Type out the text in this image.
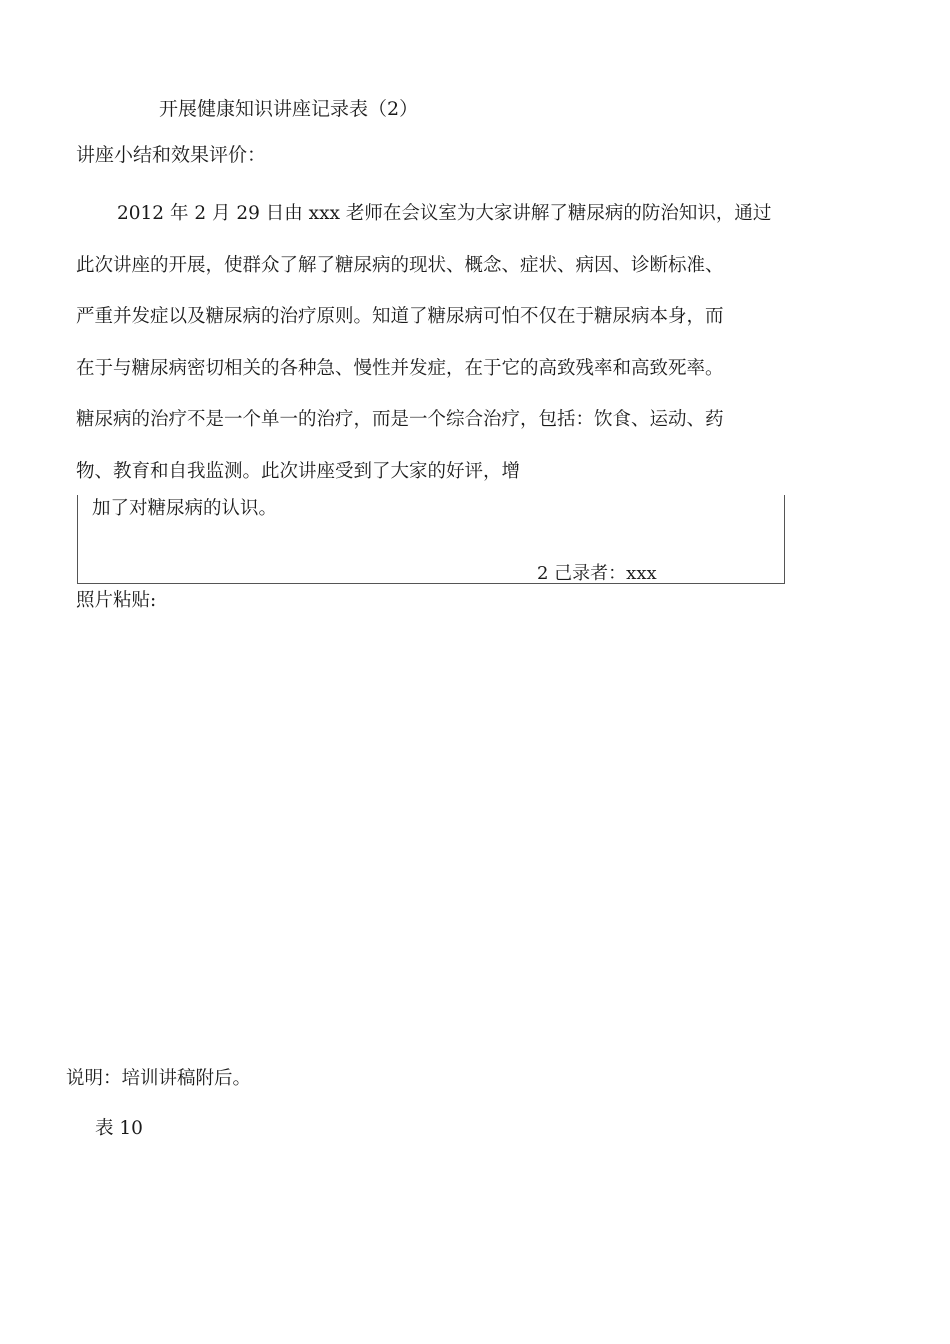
开展健康知识讲座记录表（2）
讲座小结和效果评价：

2012 年 2 月 29 日由 xxx 老师在会议室为大家讲解了糖尿病的防治知识，通过
此次讲座的开展，使群众了解了糖尿病的现状、概念、症状、病因、诊断标准、
严重并发症以及糖尿病的治疗原则。知道了糖尿病可怕不仅在于糖尿病本身，而
在于与糖尿病密切相关的各种急、慢性并发症，在于它的高致残率和高致死率。
糖尿病的治疗不是一个单一的治疗，而是一个综合治疗，包括：饮食、运动、药
物、教育和自我监测。此次讲座受到了大家的好评，增

加了对糖尿病的认识。
2 己录者：xxx
照片粘贴:
说明：培训讲稿附后。
表 10
